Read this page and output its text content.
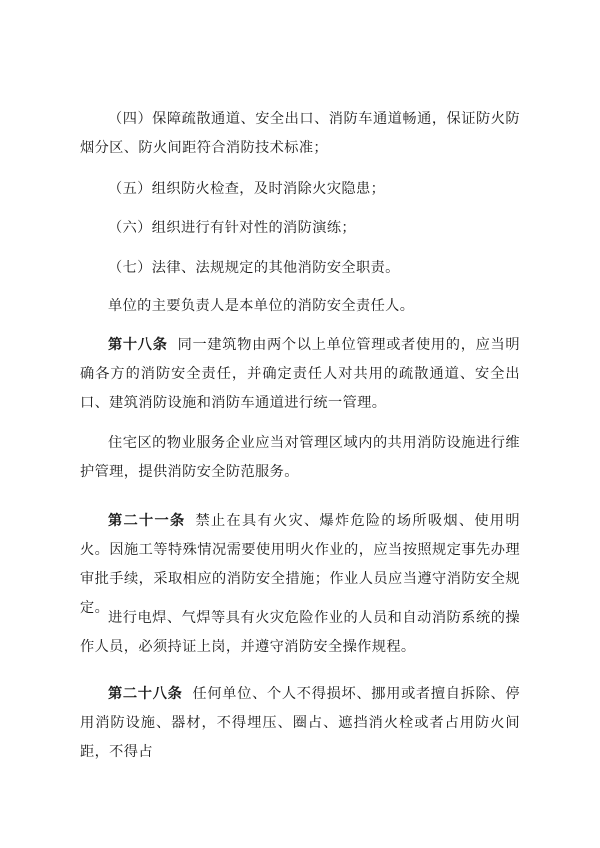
（四）保障疏散通道、安全出口、消防车通道畅通，保证防火防烟分区、防火间距符合消防技术标准；

（五）组织防火检查，及时消除火灾隐患；

（六）组织进行有针对性的消防演练；

（七）法律、法规规定的其他消防安全职责。

单位的主要负责人是本单位的消防安全责任人。

第十八条 同一建筑物由两个以上单位管理或者使用的，应当明确各方的消防安全责任，并确定责任人对共用的疏散通道、安全出口、建筑消防设施和消防车通道进行统一管理。

住宅区的物业服务企业应当对管理区域内的共用消防设施进行维护管理，提供消防安全防范服务。

第二十一条 禁止在具有火灾、爆炸危险的场所吸烟、使用明火。因施工等特殊情况需要使用明火作业的，应当按照规定事先办理审批手续，采取相应的消防安全措施；作业人员应当遵守消防安全规定。

进行电焊、气焊等具有火灾危险作业的人员和自动消防系统的操作人员，必须持证上岗，并遵守消防安全操作规程。

第二十八条 任何单位、个人不得损坏、挪用或者擅自拆除、停用消防设施、器材，不得埋压、圈占、遮挡消火栓或者占用防火间距，不得占
